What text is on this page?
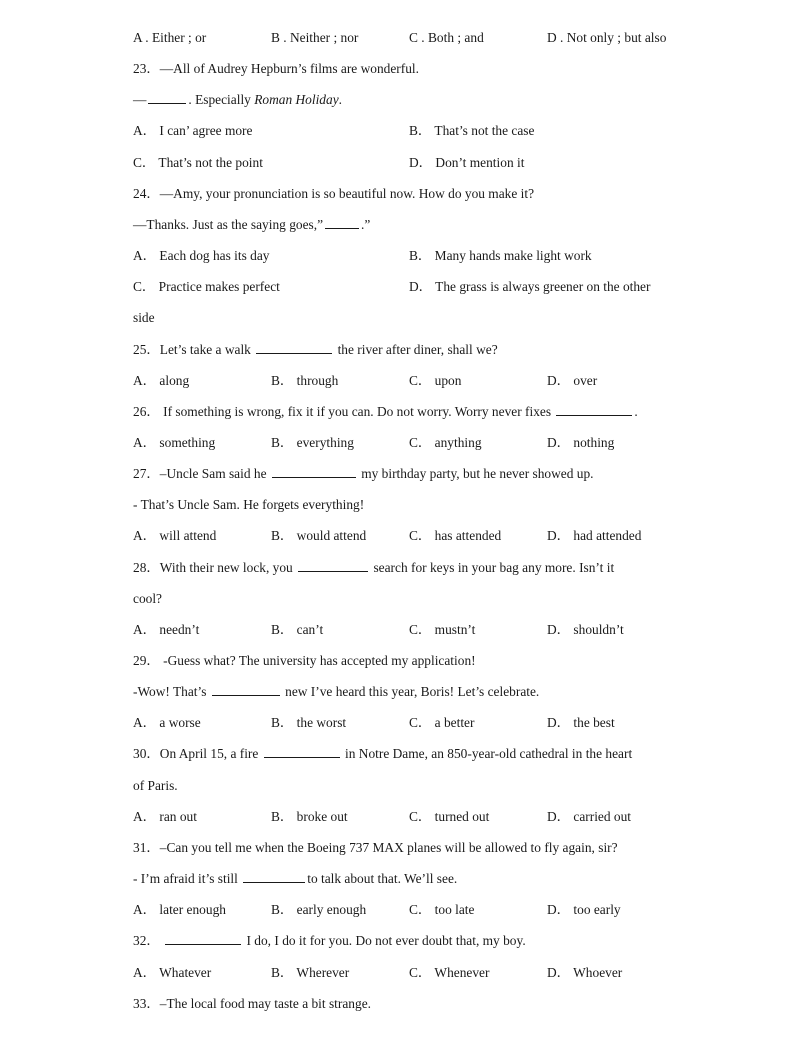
A . Either ; or	B . Neither ; nor	C . Both ; and	D . Not only ; but also
23．—All of Audrey Hepburn’s films are wonderful.
—	. Especially Roman Holiday.
A． I can’ agree more	B． That’s not the case
C． That’s not the point	D． Don’t mention it
24．—Amy, your pronunciation is so beautiful now. How do you make it?
—Thanks. Just as the saying goes,”	.”
A． Each dog has its day	B． Many hands make light work
C． Practice makes perfect	D． The grass is always greener on the other
side
25．Let’s take a walk	the river after diner, shall we?
A． along	B． through	C． upon	D． over
26． If something is wrong, fix it if you can. Do not worry. Worry never fixes	.
A． something	B． everything	C． anything	D． nothing
27．–Uncle Sam said he	my birthday party, but he never showed up.
- That’s Uncle Sam. He forgets everything!
A． will attend	B． would attend	C． has attended	D． had attended
28．With their new lock, you	search for keys in your bag any more. Isn’t it
cool?
A． needn’t	B． can’t	C． mustn’t	D． shouldn’t
29． -Guess what? The university has accepted my application!
-Wow! That’s	new I’ve heard this year, Boris! Let’s celebrate.
A． a worse	B． the worst	C． a better	D． the best
30．On April 15, a fire	in Notre Dame, an 850-year-old cathedral in the heart
of Paris.
A． ran out	B． broke out	C． turned out	D． carried out
31．–Can you tell me when the Boeing 737 MAX planes will be allowed to fly again, sir?
- I’m afraid it’s still	to talk about that. We’ll see.
A． later enough	B． early enough	C． too late	D． too early
32．	I do, I do it for you. Do not ever doubt that, my boy.
A． Whatever	B． Wherever	C． Whenever	D． Whoever
33．–The local food may taste a bit strange.
